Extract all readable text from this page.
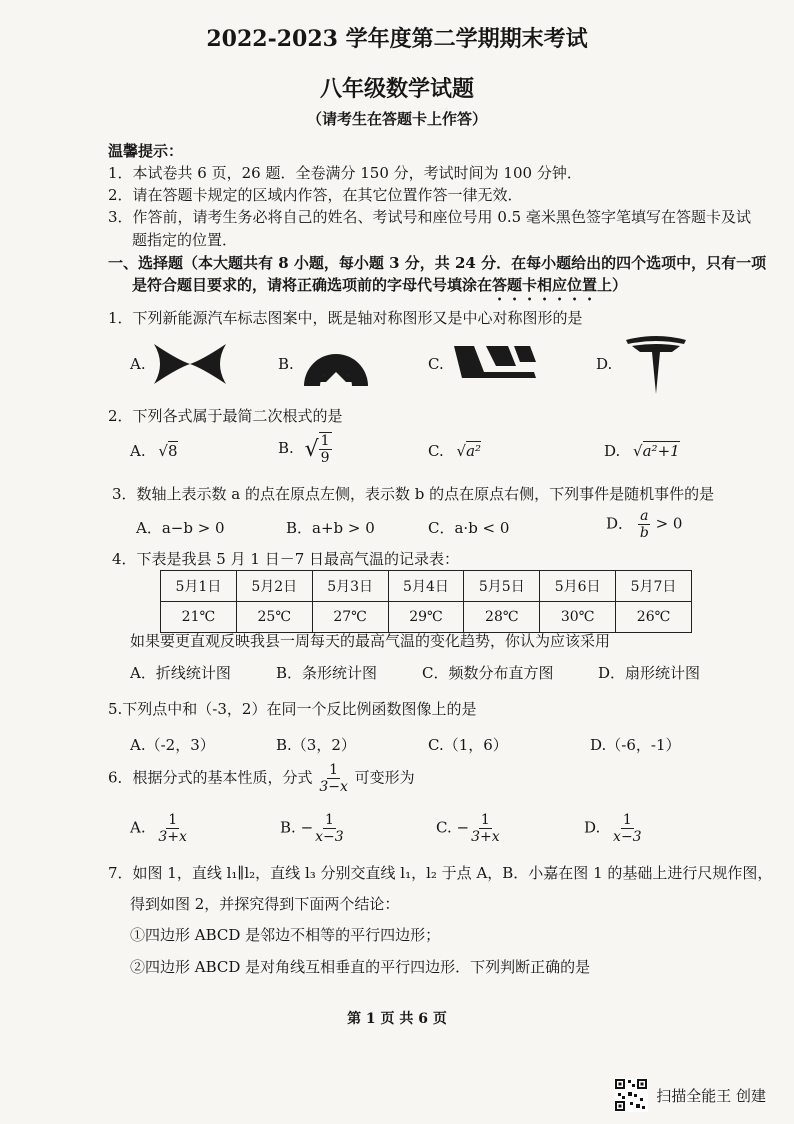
2022-2023 学年度第二学期期末考试
八年级数学试题
（请考生在答题卡上作答）
温馨提示：
1．本试卷共 6 页，26 题．全卷满分 150 分，考试时间为 100 分钟．
2．请在答题卡规定的区域内作答，在其它位置作答一律无效．
3．作答前，请考生务必将自己的姓名、考试号和座位号用 0.5 毫米黑色签字笔填写在答题卡及试
题指定的位置．
一、选择题（本大题共有 8 小题，每小题 3 分，共 24 分．在每小题给出的四个选项中，只有一项
是符合题目要求的，请将正确选项前的字母代号填涂在答题卡相应位置上）
1．下列新能源汽车标志图案中，既是轴对称图形又是中心对称图形的是
A.	B.	C.	D.
2．下列各式属于最简二次根式的是
A. √8	B. √ $\frac{1}{9}$	C. √a²	D. √a²+1
3．数轴上表示数 a 的点在原点左侧，表示数 b 的点在原点右侧，下列事件是随机事件的是
A．a−b > 0	B．a+b > 0	C．a·b < 0	D． $\frac{a}{b} > 0$
4．下表是我县 5 月 1 日－7 日最高气温的记录表：
5月1日	5月2日	5月3日	5月4日	5月5日	5月6日	5月7日
21℃	25℃	27℃	29℃	28℃	30℃	26℃
如果要更直观反映我县一周每天的最高气温的变化趋势，你认为应该采用
A．折线统计图	B．条形统计图	C．频数分布直方图	D．扇形统计图
5.下列点中和（-3，2）在同一个反比例函数图像上的是
A.（-2，3）	B.（3，2）	C.（1，6）	D.（-6，-1）
6．根据分式的基本性质，分式 $\frac{1}{3-x}$ 可变形为
A. $\frac{1}{3+x}$	B. − $\frac{1}{x-3}$	C. − $\frac{1}{3+x}$	D. $\frac{1}{x-3}$
7．如图 1，直线 l₁∥l₂，直线 l₃ 分别交直线 l₁，l₂ 于点 A，B．小嘉在图 1 的基础上进行尺规作图，
得到如图 2，并探究得到下面两个结论：
①四边形 ABCD 是邻边不相等的平行四边形；
②四边形 ABCD 是对角线互相垂直的平行四边形．下列判断正确的是
第 1 页 共 6 页
扫描全能王 创建
